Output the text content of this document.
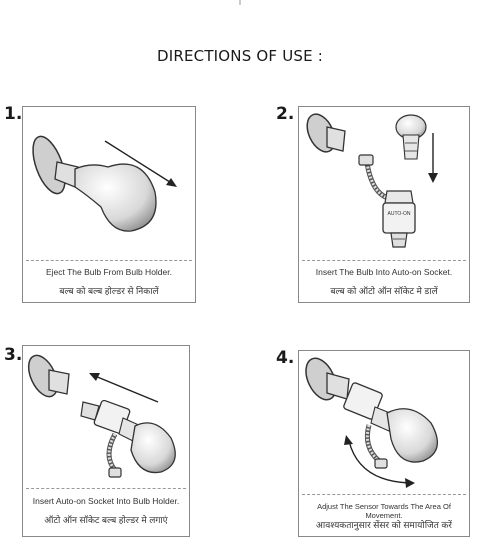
DIRECTIONS OF USE :
1.
Eject The Bulb From Bulb Holder.
बल्ब को बल्ब होल्डर से निकालें
2.
AUTO-ON
Insert The Bulb Into Auto-on Socket.
बल्ब को ऑटो ऑन सॉकेट मे डालें
3.
Insert Auto-on Socket Into Bulb Holder.
ऑटो ऑन सॉकेट बल्ब होल्डर मे लगाएं
4.
Adjust The Sensor Towards The Area Of Movement.
आवश्यकतानुसार सेंसर को समायोजित करें
